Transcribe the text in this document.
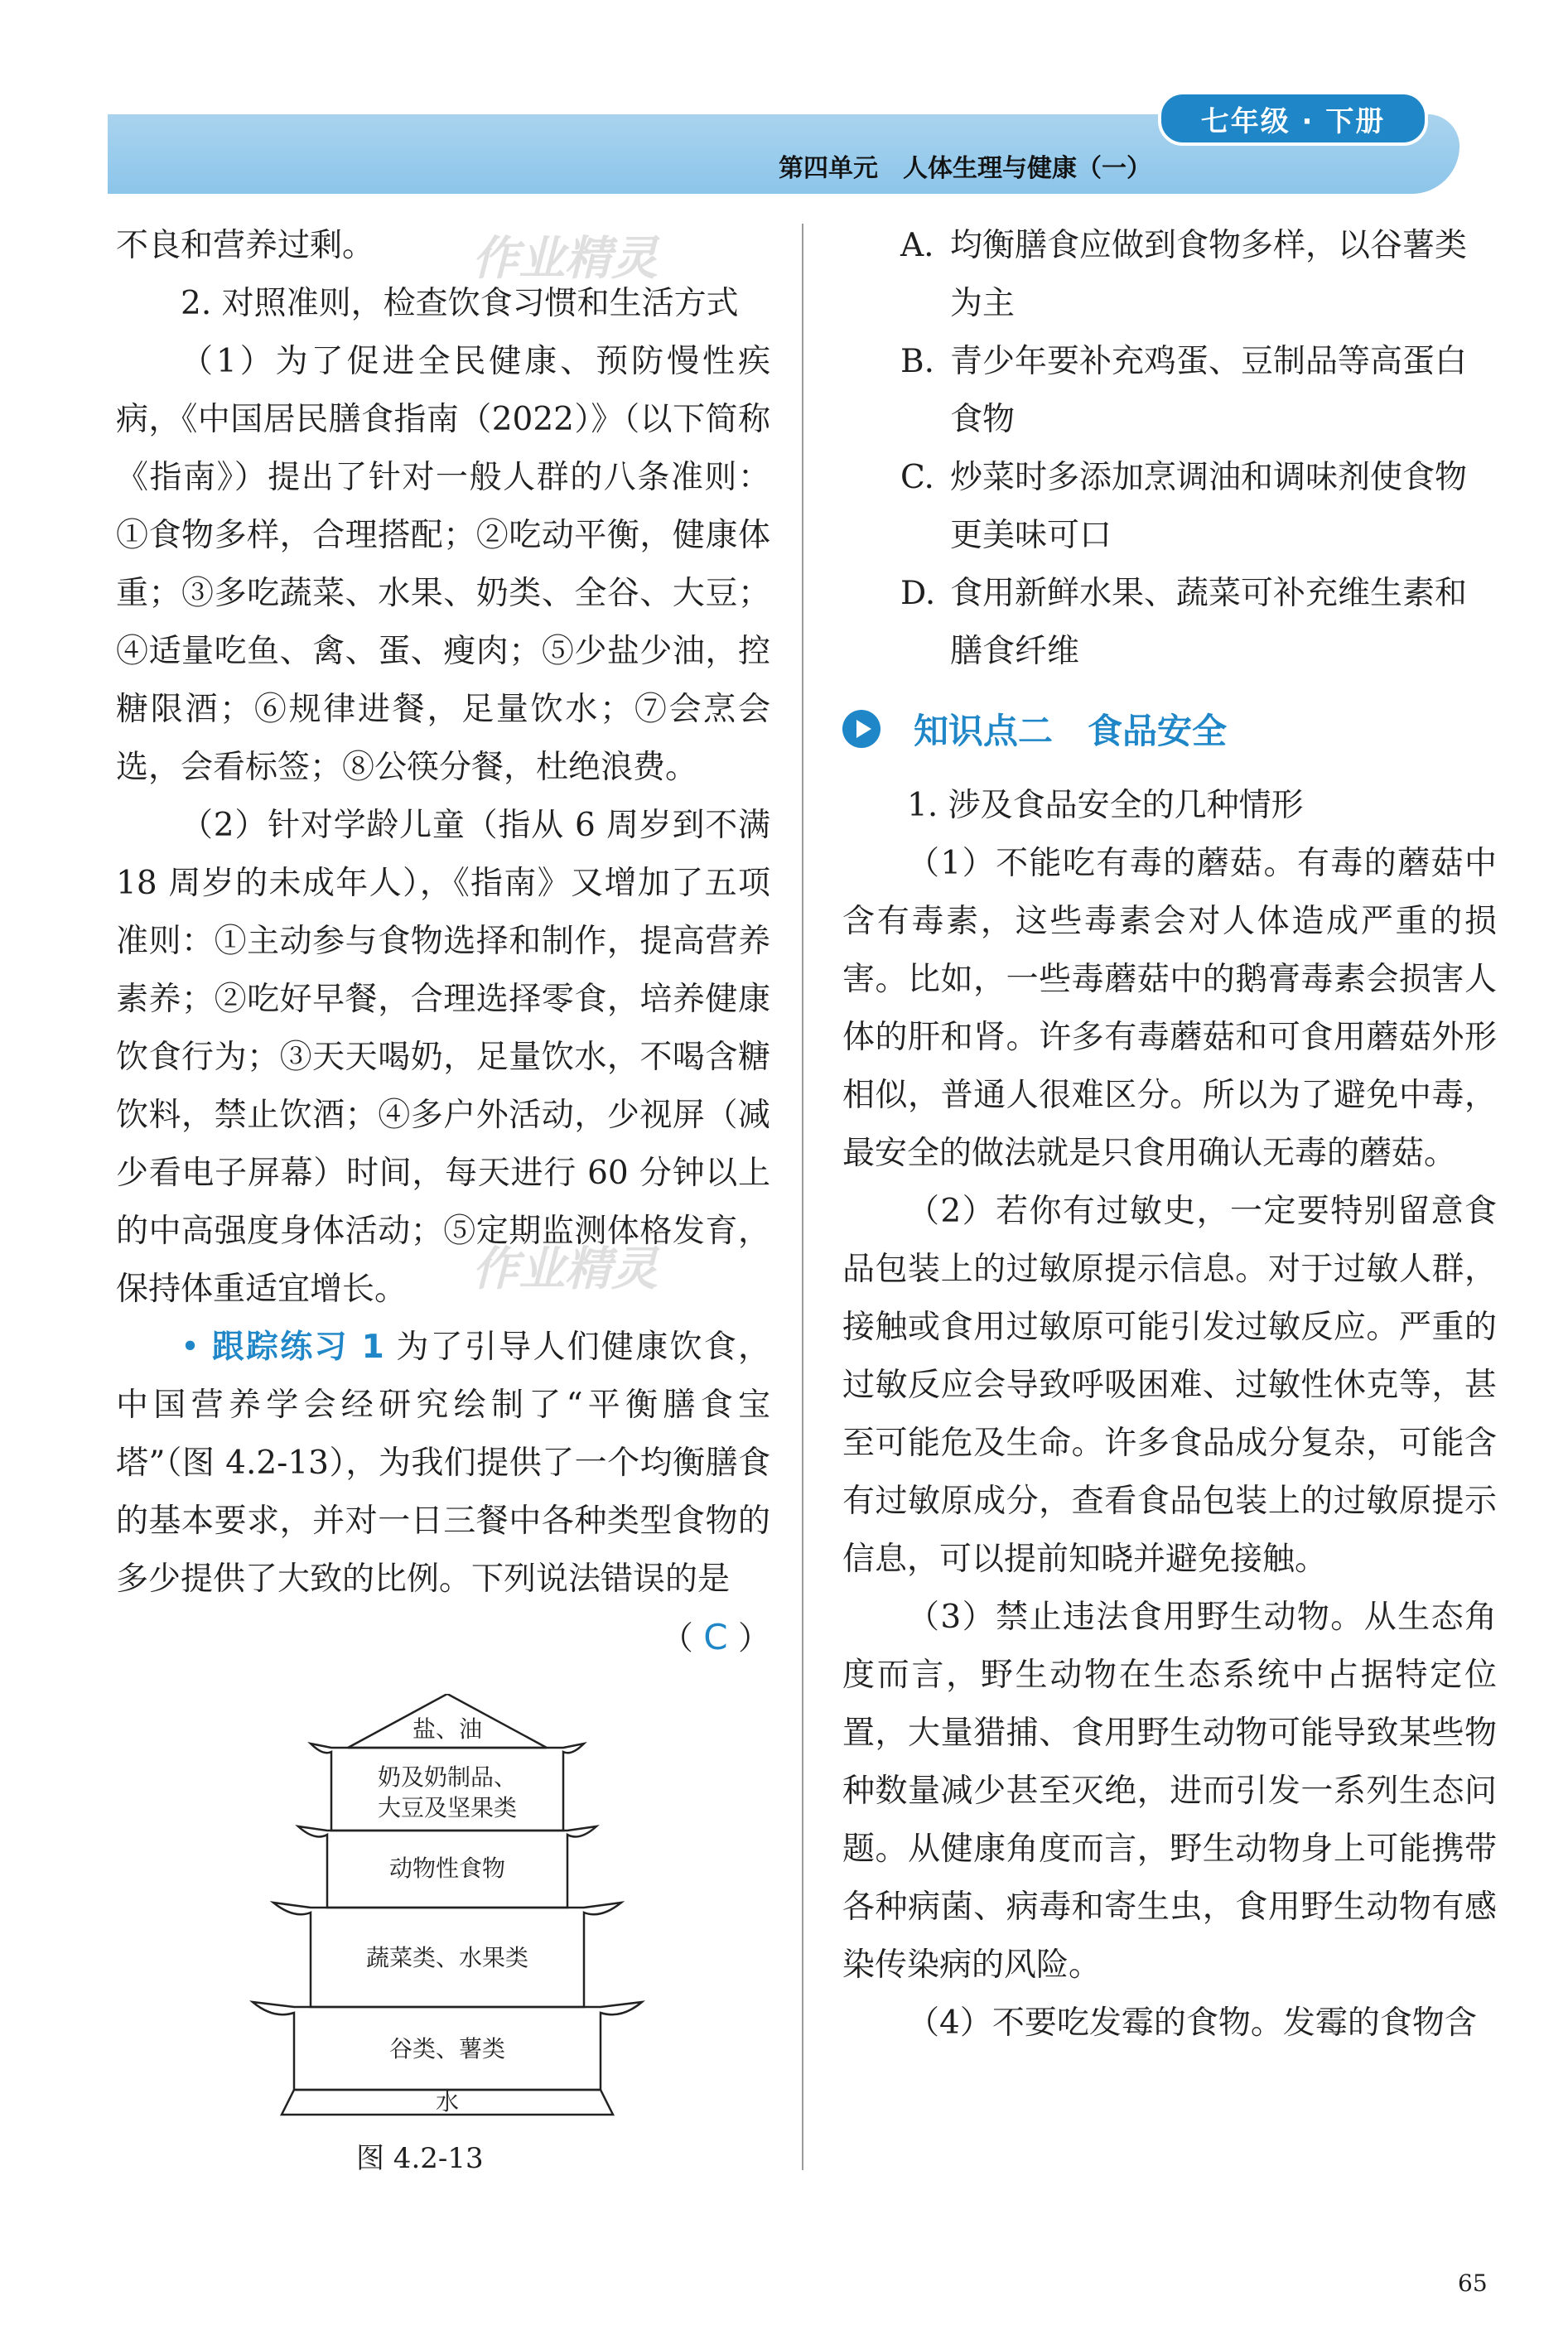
七年级 · 下册
第四单元　人体生理与健康（一）
作业精灵
作业精灵

不良和营养过剩。

2. 对照准则，检查饮食习惯和生活方式

（1）为了促进全民健康、预防慢性疾病，《中国居民膳食指南（2022）》（以下简称《指南》）提出了针对一般人群的八条准则：①食物多样，合理搭配；②吃动平衡，健康体重；③多吃蔬菜、水果、奶类、全谷、大豆；④适量吃鱼、禽、蛋、瘦肉；⑤少盐少油，控糖限酒；⑥规律进餐，足量饮水；⑦会烹会选，会看标签；⑧公筷分餐，杜绝浪费。

（2）针对学龄儿童（指从 6 周岁到不满 18 周岁的未成年人），《指南》又增加了五项准则：①主动参与食物选择和制作，提高营养素养；②吃好早餐，合理选择零食，培养健康饮食行为；③天天喝奶，足量饮水，不喝含糖饮料，禁止饮酒；④多户外活动，少视屏（减少看电子屏幕）时间，每天进行 60 分钟以上的中高强度身体活动；⑤定期监测体格发育，保持体重适宜增长。

• 跟踪练习 1 为了引导人们健康饮食，中国营养学会经研究绘制了“平衡膳食宝塔”（图 4.2-13），为我们提供了一个均衡膳食的基本要求，并对一日三餐中各种类型食物的多少提供了大致的比例。下列说法错误的是

（ C ）
盐、油
奶及奶制品、
大豆及坚果类
动物性食物
蔬菜类、水果类
谷类、薯类
水
图 4.2-13
A. 均衡膳食应做到食物多样，以谷薯类为主
B. 青少年要补充鸡蛋、豆制品等高蛋白食物
C. 炒菜时多添加烹调油和调味剂使食物更美味可口
D. 食用新鲜水果、蔬菜可补充维生素和膳食纤维
知识点二　食品安全

1. 涉及食品安全的几种情形

（1）不能吃有毒的蘑菇。有毒的蘑菇中含有毒素，这些毒素会对人体造成严重的损害。比如，一些毒蘑菇中的鹅膏毒素会损害人体的肝和肾。许多有毒蘑菇和可食用蘑菇外形相似，普通人很难区分。所以为了避免中毒，最安全的做法就是只食用确认无毒的蘑菇。

（2）若你有过敏史，一定要特别留意食品包装上的过敏原提示信息。对于过敏人群，接触或食用过敏原可能引发过敏反应。严重的过敏反应会导致呼吸困难、过敏性休克等，甚至可能危及生命。许多食品成分复杂，可能含有过敏原成分，查看食品包装上的过敏原提示信息，可以提前知晓并避免接触。

（3）禁止违法食用野生动物。从生态角度而言，野生动物在生态系统中占据特定位置，大量猎捕、食用野生动物可能导致某些物种数量减少甚至灭绝，进而引发一系列生态问题。从健康角度而言，野生动物身上可能携带各种病菌、病毒和寄生虫，食用野生动物有感染传染病的风险。

（4）不要吃发霉的食物。发霉的食物含

65
